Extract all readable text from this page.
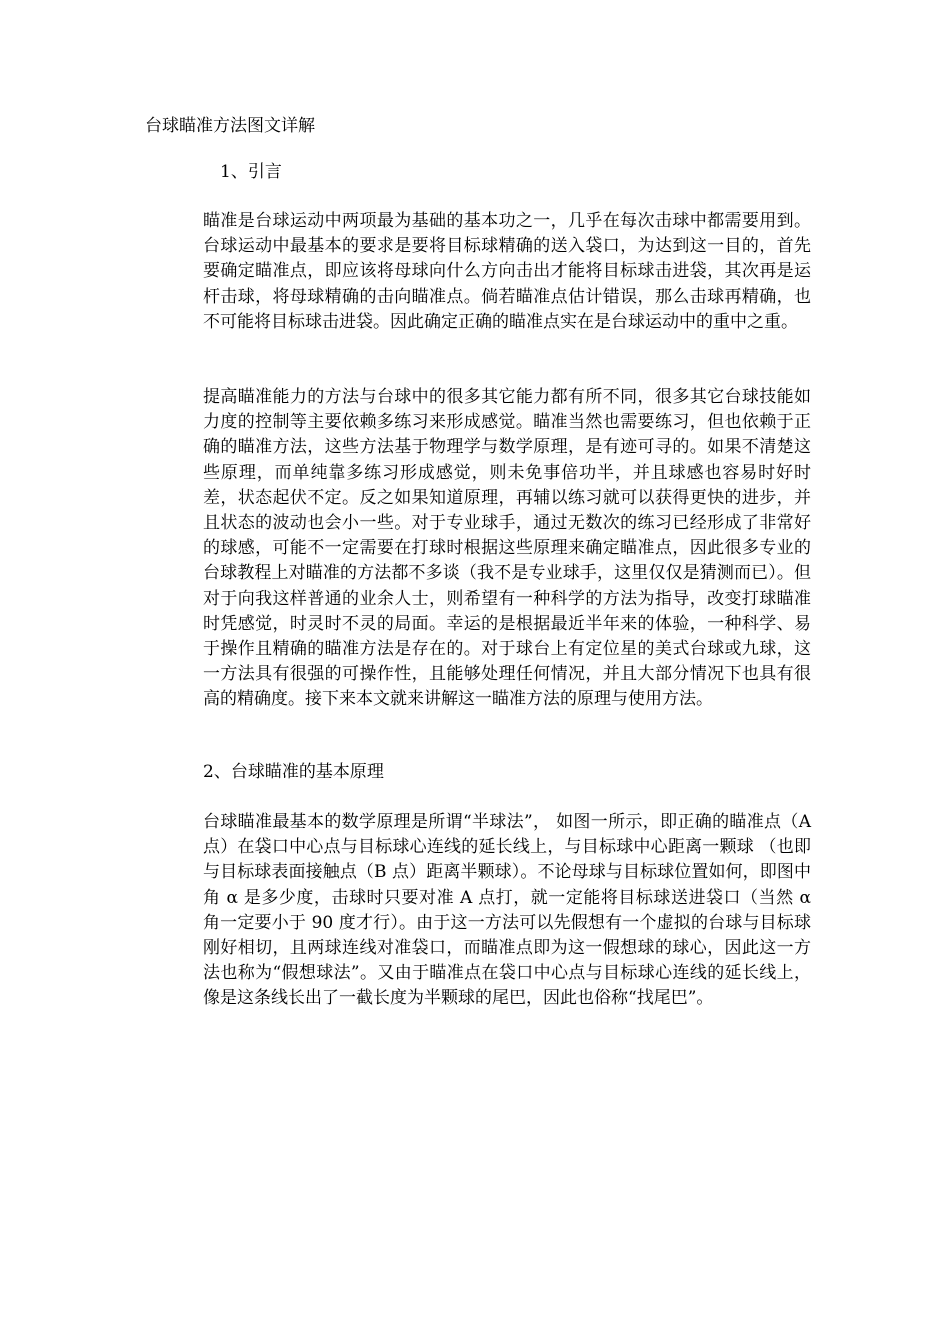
台球瞄准方法图文详解
1、引言

瞄准是台球运动中两项最为基础的基本功之一，几乎在每次击球中都需要用到。台球运动中最基本的要求是要将目标球精确的送入袋口，为达到这一目的，首先要确定瞄准点，即应该将母球向什么方向击出才能将目标球击进袋，其次再是运杆击球，将母球精确的击向瞄准点。倘若瞄准点估计错误，那么击球再精确，也不可能将目标球击进袋。因此确定正确的瞄准点实在是台球运动中的重中之重。

提高瞄准能力的方法与台球中的很多其它能力都有所不同，很多其它台球技能如力度的控制等主要依赖多练习来形成感觉。瞄准当然也需要练习，但也依赖于正确的瞄准方法，这些方法基于物理学与数学原理，是有迹可寻的。如果不清楚这些原理，而单纯靠多练习形成感觉，则未免事倍功半，并且球感也容易时好时差，状态起伏不定。反之如果知道原理，再辅以练习就可以获得更快的进步，并且状态的波动也会小一些。对于专业球手，通过无数次的练习已经形成了非常好的球感，可能不一定需要在打球时根据这些原理来确定瞄准点，因此很多专业的台球教程上对瞄准的方法都不多谈（我不是专业球手，这里仅仅是猜测而已）。但对于向我这样普通的业余人士，则希望有一种科学的方法为指导，改变打球瞄准时凭感觉，时灵时不灵的局面。幸运的是根据最近半年来的体验，一种科学、易于操作且精确的瞄准方法是存在的。对于球台上有定位星的美式台球或九球，这一方法具有很强的可操作性，且能够处理任何情况，并且大部分情况下也具有很高的精确度。接下来本文就来讲解这一瞄准方法的原理与使用方法。

2、台球瞄准的基本原理

台球瞄准最基本的数学原理是所谓“半球法”， 如图一所示，即正确的瞄准点（A 点）在袋口中心点与目标球心连线的延长线上，与目标球中心距离一颗球 （也即与目标球表面接触点（B 点）距离半颗球）。不论母球与目标球位置如何，即图中角 α 是多少度，击球时只要对准 A 点打，就一定能将目标球送进袋口（当然 α 角一定要小于 90 度才行）。由于这一方法可以先假想有一个虚拟的台球与目标球刚好相切，且两球连线对准袋口，而瞄准点即为这一假想球的球心，因此这一方 法也称为“假想球法”。又由于瞄准点在袋口中心点与目标球心连线的延长线上，像是这条线长出了一截长度为半颗球的尾巴，因此也俗称“找尾巴”。
